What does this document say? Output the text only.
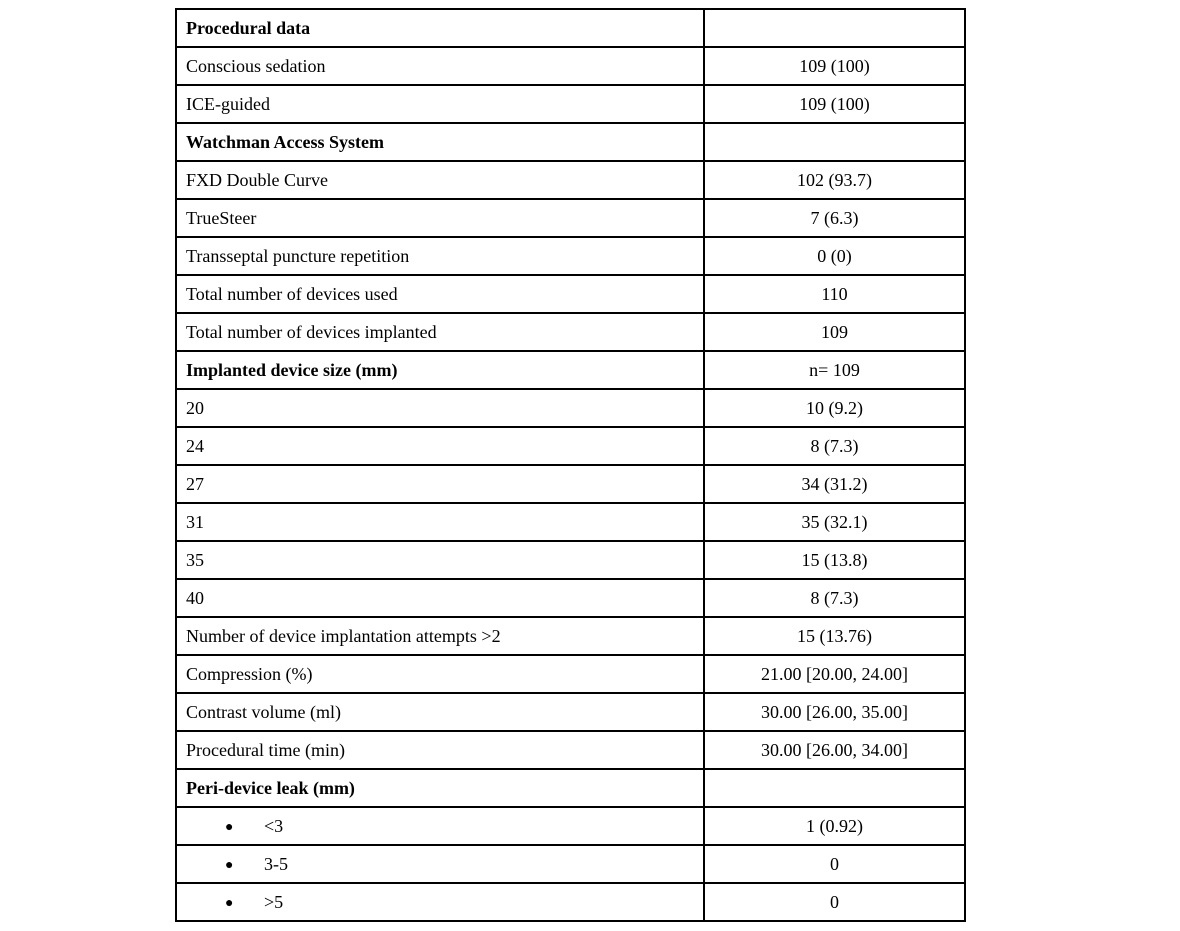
Procedural data	
Conscious sedation	109 (100)
ICE-guided	109 (100)
Watchman Access System	
FXD Double Curve	102 (93.7)
TrueSteer	7 (6.3)
Transseptal puncture repetition	0 (0)
Total number of devices used	110
Total number of devices implanted	109
Implanted device size (mm)	n= 109
20	10 (9.2)
24	8 (7.3)
27	34 (31.2)
31	35 (32.1)
35	15 (13.8)
40	8 (7.3)
Number of device implantation attempts >2	15 (13.76)
Compression (%)	21.00 [20.00, 24.00]
Contrast volume (ml)	30.00 [26.00, 35.00]
Procedural time (min)	30.00 [26.00, 34.00]
Peri-device leak (mm)	
● <3	1 (0.92)
● 3-5	0
● >5	0
